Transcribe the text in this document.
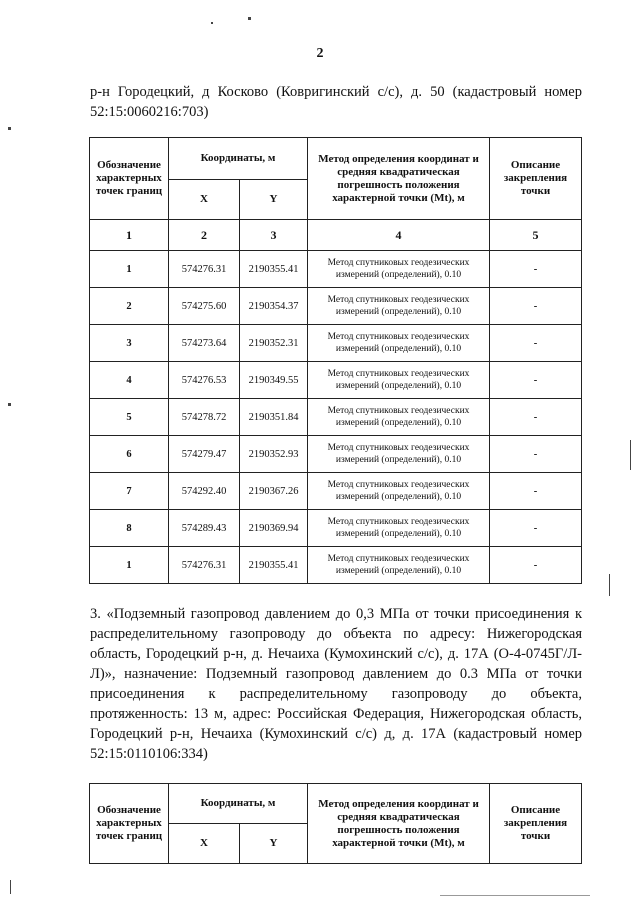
2
р-н Городецкий, д Косково (Ковригинский с/с), д. 50 (кадастровый номер
52:15:0060216:703)
Обозначение характерных точек границ	Координаты, м		Метод определения координат и средняя квадратическая погрешность положения характерной точки (Mt), м	Описание закрепления точки
	X	Y		
1	2	3	4	5
1	574276.31	2190355.41	Метод спутниковых геодезических измерений (определений), 0.10	-
2	574275.60	2190354.37	Метод спутниковых геодезических измерений (определений), 0.10	-
3	574273.64	2190352.31	Метод спутниковых геодезических измерений (определений), 0.10	-
4	574276.53	2190349.55	Метод спутниковых геодезических измерений (определений), 0.10	-
5	574278.72	2190351.84	Метод спутниковых геодезических измерений (определений), 0.10	-
6	574279.47	2190352.93	Метод спутниковых геодезических измерений (определений), 0.10	-
7	574292.40	2190367.26	Метод спутниковых геодезических измерений (определений), 0.10	-
8	574289.43	2190369.94	Метод спутниковых геодезических измерений (определений), 0.10	-
1	574276.31	2190355.41	Метод спутниковых геодезических измерений (определений), 0.10	-
3. «Подземный газопровод давлением до 0,3 МПа от точки присоединения к
распределительному газопроводу до объекта по адресу: Нижегородская
область, Городецкий р-н, д. Нечаиха (Кумохинский с/с), д. 17А (О-4-0745Г/Л-
Л)», назначение: Подземный газопровод давлением до 0.3 МПа от точки
присоединения к распределительному газопроводу до объекта,
протяженность: 13 м, адрес: Российская Федерация, Нижегородская область,
Городецкий р-н, Нечаиха (Кумохинский с/с) д, д. 17А (кадастровый номер
52:15:0110106:334)
Обозначение характерных точек границ	Координаты, м		Метод определения координат и средняя квадратическая погрешность положения характерной точки (Mt), м	Описание закрепления точки
	X	Y		
